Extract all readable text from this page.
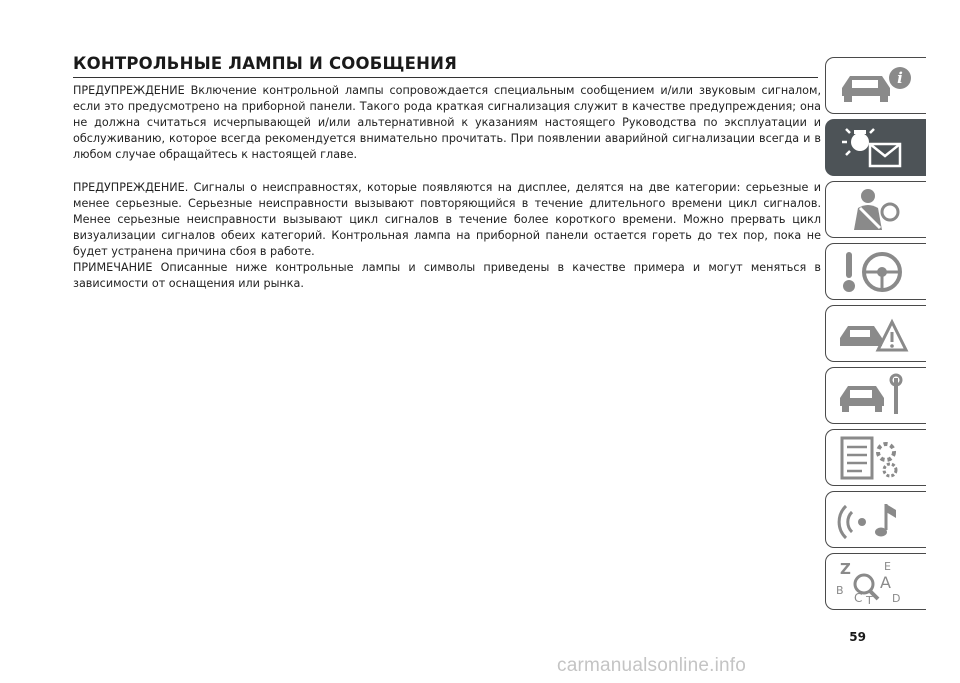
КОНТРОЛЬНЫЕ ЛАМПЫ И СООБЩЕНИЯ

ПРЕДУПРЕЖДЕНИЕ Включение контрольной лампы сопровождается специальным сообщением и/или звуковым сигналом, если это предусмотрено на приборной панели. Такого рода краткая сигнализация служит в качестве предупреждения; она не должна считаться исчерпывающей и/или альтернативной к указаниям настоящего Руководства по эксплуатации и обслуживанию, которое всегда рекомендуется внимательно прочитать. При появлении аварийной сигнализации всегда и в любом случае обращайтесь к настоящей главе.

ПРЕДУПРЕЖДЕНИЕ. Сигналы о неисправностях, которые появляются на дисплее, делятся на две категории: серьезные и менее серьезные. Серьезные неисправности вызывают повторяющийся в течение длительного времени цикл сигналов. Менее серьезные неисправности вызывают цикл сигналов в течение более короткого времени. Можно прервать цикл визуализации сигналов обеих категорий. Контрольная лампа на приборной панели остается гореть до тех пор, пока не будет устранена причина сбоя в работе.

ПРИМЕЧАНИЕ Описанные ниже контрольные лампы и символы приведены в качестве примера и могут меняться в зависимости от оснащения или рынка.

i
Z	E
B A
C T D
59
carmanualsonline.info
